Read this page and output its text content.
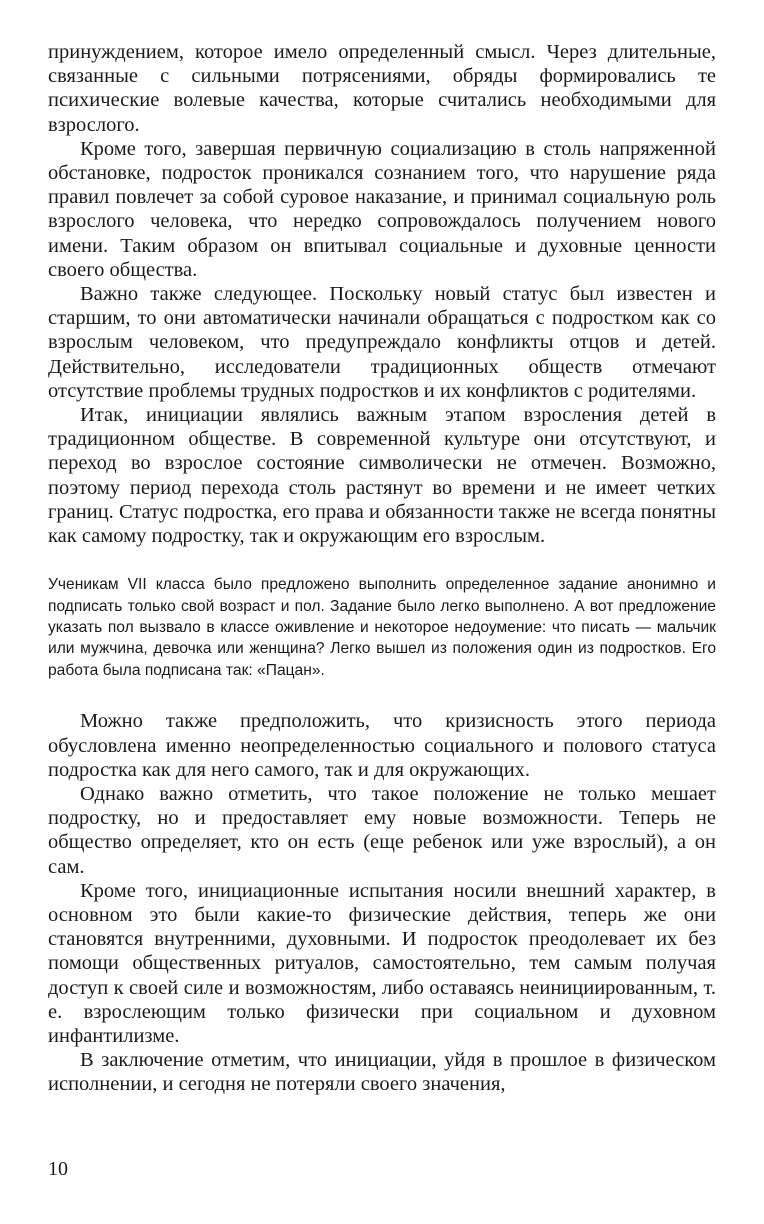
принуждением, которое имело определенный смысл. Через длительные, связанные с сильными потрясениями, обряды формировались те психические волевые качества, которые считались необходимыми для взрослого.

Кроме того, завершая первичную социализацию в столь напряженной обстановке, подросток проникался сознанием того, что нарушение ряда правил повлечет за собой суровое наказание, и принимал социальную роль взрослого человека, что нередко сопровождалось получением нового имени. Таким образом он впитывал социальные и духовные ценности своего общества.

Важно также следующее. Поскольку новый статус был известен и старшим, то они автоматически начинали обращаться с подростком как со взрослым человеком, что предупреждало конфликты отцов и детей. Действительно, исследователи традиционных обществ отмечают отсутствие проблемы трудных подростков и их конфликтов с родителями.

Итак, инициации являлись важным этапом взросления детей в традиционном обществе. В современной культуре они отсутствуют, и переход во взрослое состояние символически не отмечен. Возможно, поэтому период перехода столь растянут во времени и не имеет четких границ. Статус подростка, его права и обязанности также не всегда понятны как самому подростку, так и окружающим его взрослым.

Ученикам VII класса было предложено выполнить определенное задание анонимно и подписать только свой возраст и пол. Задание было легко выполнено. А вот предложение указать пол вызвало в классе оживление и некоторое недоумение: что писать — мальчик или мужчина, девочка или женщина? Легко вышел из положения один из подростков. Его работа была подписана так: «Пацан».

Можно также предположить, что кризисность этого периода обусловлена именно неопределенностью социального и полового статуса подростка как для него самого, так и для окружающих.

Однако важно отметить, что такое положение не только мешает подростку, но и предоставляет ему новые возможности. Теперь не общество определяет, кто он есть (еще ребенок или уже взрослый), а он сам.

Кроме того, инициационные испытания носили внешний характер, в основном это были какие-то физические действия, теперь же они становятся внутренними, духовными. И подросток преодолевает их без помощи общественных ритуалов, самостоятельно, тем самым получая доступ к своей силе и возможностям, либо оставаясь неинициированным, т. е. взрослеющим только физически при социальном и духовном инфантилизме.

В заключение отметим, что инициации, уйдя в прошлое в физическом исполнении, и сегодня не потеряли своего значения,

10
